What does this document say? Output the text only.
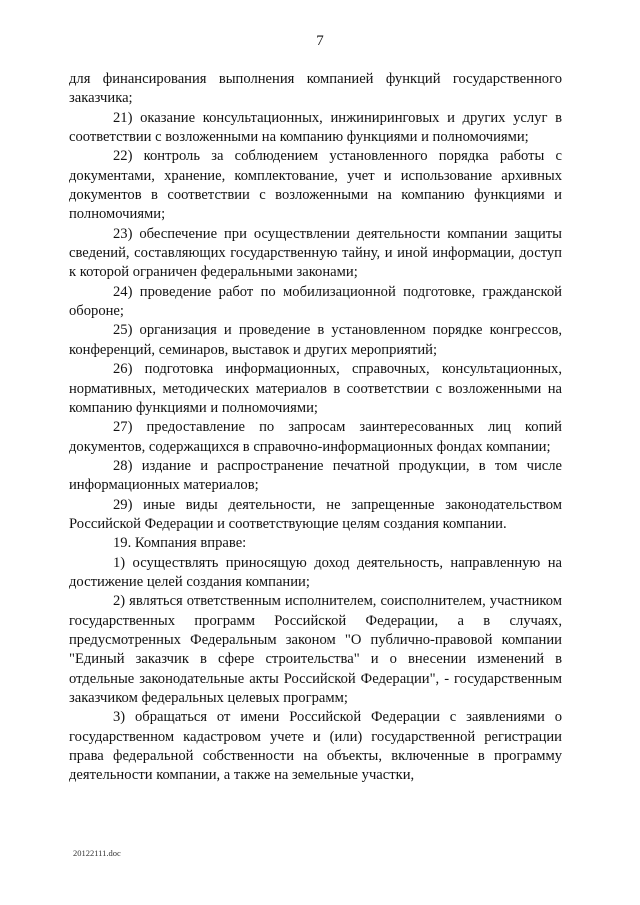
7

для финансирования выполнения компанией функций государственного заказчика;

21) оказание консультационных, инжиниринговых и других услуг в соответствии с возложенными на компанию функциями и полномочиями;

22) контроль за соблюдением установленного порядка работы с документами, хранение, комплектование, учет и использование архивных документов в соответствии с возложенными на компанию функциями и полномочиями;

23) обеспечение при осуществлении деятельности компании защиты сведений, составляющих государственную тайну, и иной информации, доступ к которой ограничен федеральными законами;

24) проведение работ по мобилизационной подготовке, гражданской обороне;

25) организация и проведение в установленном порядке конгрессов, конференций, семинаров, выставок и других мероприятий;

26) подготовка информационных, справочных, консультационных, нормативных, методических материалов в соответствии с возложенными на компанию функциями и полномочиями;

27) предоставление по запросам заинтересованных лиц копий документов, содержащихся в справочно-информационных фондах компании;

28) издание и распространение печатной продукции, в том числе информационных материалов;

29) иные виды деятельности, не запрещенные законодательством Российской Федерации и соответствующие целям создания компании.

19. Компания вправе:

1) осуществлять приносящую доход деятельность, направленную на достижение целей создания компании;

2) являться ответственным исполнителем, соисполнителем, участником государственных программ Российской Федерации, а в случаях, предусмотренных Федеральным законом "О публично-правовой компании "Единый заказчик в сфере строительства" и о внесении изменений в отдельные законодательные акты Российской Федерации", - государственным заказчиком федеральных целевых программ;

3) обращаться от имени Российской Федерации с заявлениями о государственном кадастровом учете и (или) государственной регистрации права федеральной собственности на объекты, включенные в программу деятельности компании, а также на земельные участки,

20122111.doc
